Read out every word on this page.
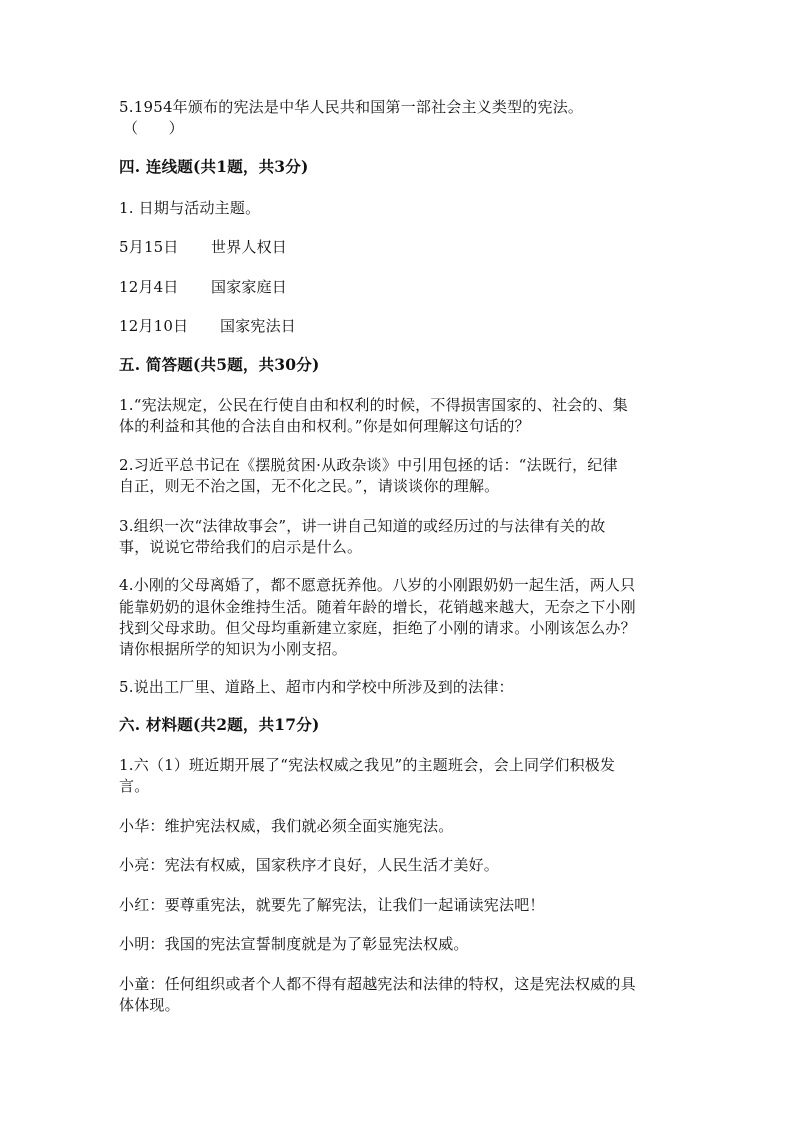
5.1954年颁布的宪法是中华人民共和国第一部社会主义类型的宪法。
（　　）
四. 连线题(共1题，共3分)
1. 日期与活动主题。
5月15日 世界人权日
12月4日 国家家庭日
12月10日 国家宪法日
五. 简答题(共5题，共30分)
1.“宪法规定，公民在行使自由和权利的时候，不得损害国家的、社会的、集
体的利益和其他的合法自由和权利。”你是如何理解这句话的？
2.习近平总书记在《摆脱贫困·从政杂谈》中引用包拯的话：“法既行，纪律
自正，则无不治之国，无不化之民。”，请谈谈你的理解。
3.组织一次“法律故事会”，讲一讲自己知道的或经历过的与法律有关的故
事，说说它带给我们的启示是什么。
4.小刚的父母离婚了，都不愿意抚养他。八岁的小刚跟奶奶一起生活，两人只
能靠奶奶的退休金维持生活。随着年龄的增长，花销越来越大，无奈之下小刚
找到父母求助。但父母均重新建立家庭，拒绝了小刚的请求。小刚该怎么办？
请你根据所学的知识为小刚支招。
5.说出工厂里、道路上、超市内和学校中所涉及到的法律：
六. 材料题(共2题，共17分)
1.六（1）班近期开展了“宪法权威之我见”的主题班会，会上同学们积极发
言。
小华：维护宪法权威，我们就必须全面实施宪法。
小亮：宪法有权威，国家秩序才良好，人民生活才美好。
小红：要尊重宪法，就要先了解宪法，让我们一起诵读宪法吧！
小明：我国的宪法宣誓制度就是为了彰显宪法权威。
小童：任何组织或者个人都不得有超越宪法和法律的特权，这是宪法权威的具
体体现。
